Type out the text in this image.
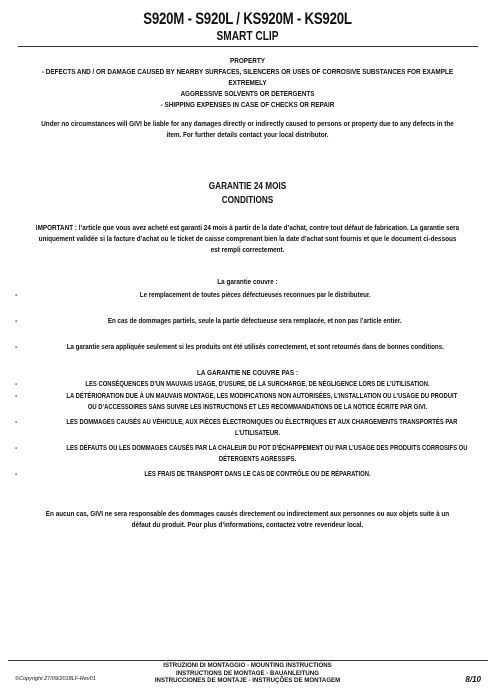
S920M - S920L / KS920M - KS920L
SMART CLIP

PROPERTY

- DEFECTS AND / OR DAMAGE CAUSED BY NEARBY SURFACES, SILENCERS OR USES OF CORROSIVE SUBSTANCES FOR EXAMPLE EXTREMELY

AGGRESSIVE SOLVENTS OR DETERGENTS

- SHIPPING EXPENSES IN CASE OF CHECKS OR REPAIR

Under no circumstances will GIVI be liable for any damages directly or indirectly caused to persons or property due to any defects in the

item. For further details contact your local distributor.

GARANTIE 24 MOIS

CONDITIONS

IMPORTANT : l’article que vous avez acheté est garanti 24 mois à partir de la date d’achat, contre tout défaut de fabrication. La garantie sera

uniquement validée si la facture d’achat ou le ticket de caisse comprenant bien la date d’achat sont fournis et que le document ci-dessous

est rempli correctement.

La garantie couvre :

-	Le remplacement de toutes pièces défectueuses reconnues par le distributeur.
-	En cas de dommages partiels, seule la partie défectueuse sera remplacée, et non pas l’article entier.
-	La garantie sera appliquée seulement si les produits ont été utilisés correctement, et sont retournés dans de bonnes conditions.

LA GARANTIE NE COUVRE PAS :

-	LES CONSÉQUENCES D’UN MAUVAIS USAGE, D’USURE, DE LA SURCHARGE, DE NÉGLIGENCE LORS DE L’UTILISATION.
-	LA DÉTÉRIORATION DUE À UN MAUVAIS MONTAGE, LES MODIFICATIONS NON AUTORISÉES, L’INSTALLATION OU L’USAGE DU PRODUIT
OU D’ACCESSOIRES SANS SUIVRE LES INSTRUCTIONS ET LES RECOMMANDATIONS DE LA NOTICE ÉCRITE PAR GIVI.
-	LES DOMMAGES CAUSÉS AU VÉHICULE, AUX PIÈCES ÉLECTRONIQUES OU ÉLECTRIQUES ET AUX CHARGEMENTS TRANSPORTÉS PAR
L’UTILISATEUR.
-	LES DÉFAUTS OU LES DOMMAGES CAUSÉS PAR LA CHALEUR DU POT D’ÉCHAPPEMENT OU PAR L’USAGE DES PRODUITS CORROSIFS OU
DÉTERGENTS AGRESSIFS.
-	LES FRAIS DE TRANSPORT DANS LE CAS DE CONTRÔLE OU DE RÉPARATION.

En aucun cas, GIVI ne sera responsable des dommages causés directement ou indirectement aux personnes ou aux objets suite à un

défaut du produit. Pour plus d’informations, contactez votre revendeur local.

ISTRUZIONI DI MONTAGGIO - MOUNTING INSTRUCTIONS

INSTRUCTIONS DE MONTAGE - BAUANLEITUNG

INSTRUCCIONES DE MONTAJE - INSTRUÇÕES DE MONTAGEM

©Copyright 27/09/2018LF-Rev01	8/10
